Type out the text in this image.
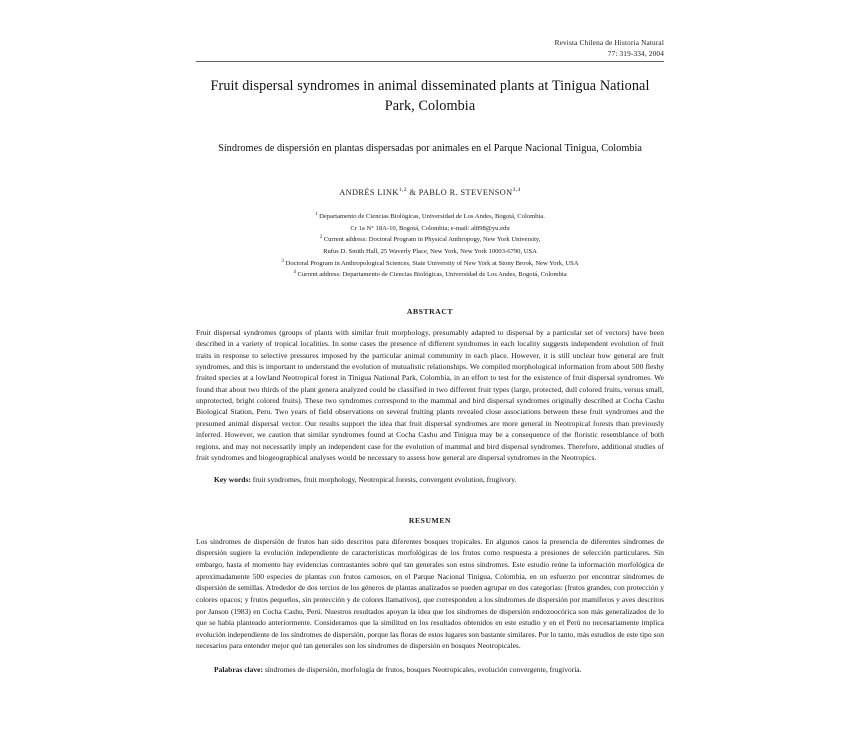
Revista Chilena de Historia Natural
77: 319-334, 2004
Fruit dispersal syndromes in animal disseminated plants at Tinigua National Park, Colombia
Síndromes de dispersión en plantas dispersadas por animales en el Parque Nacional Tinigua, Colombia
ANDRÉS LINK$^{1,2}$ & PABLO R. STEVENSON$^{3,4}$
$^1$ Departamento de Ciencias Biológicas, Universidad de Los Andes, Bogotá, Colombia.
Cr 1a N° 18A-10, Bogotá, Colombia; e-mail: al898@yu.edu
$^2$ Current address: Doctoral Program in Physical Anthropogy, New York University,
Rufus D. Smith Hall, 25 Waverly Place, New York, New York 10003-6790, USA
$^3$ Doctoral Program in Anthropological Sciences, State University of New York at Stony Brook, New York, USA
$^4$ Current address: Departamento de Ciencias Biológicas, Universidad de Los Andes, Bogotá, Colombia
ABSTRACT
Fruit dispersal syndromes (groups of plants with similar fruit morphology, presumably adapted to dispersal by a particular set of vectors) have been described in a variety of tropical localities. In some cases the presence of different syndromes in each locality suggests independent evolution of fruit traits in response to selective pressures imposed by the particular animal community in each place. However, it is still unclear how general are fruit syndromes, and this is important to understand the evolution of mutualistic relationships. We compiled morphological information from about 500 fleshy fruited species at a lowland Neotropical forest in Tinigua National Park, Colombia, in an effort to test for the existence of fruit dispersal syndromes. We found that about two thirds of the plant genera analyzed could be classified in two different fruit types (large, protected, dull colored fruits, versus small, unprotected, bright colored fruits). These two syndromes correspond to the mammal and bird dispersal syndromes originally described at Cocha Cashu Biological Station, Peru. Two years of field observations on several fruiting plants revealed close associations between these fruit syndromes and the presumed animal dispersal vector. Our results support the idea that fruit dispersal syndromes are more general in Neotropical forests than previously inferred. However, we caution that similar syndromes found at Cocha Cashu and Tinigua may be a consequence of the floristic resemblance of both regions, and may not necessarily imply an independent case for the evolution of mammal and bird dispersal syndromes. Therefore, additional studies of fruit syndromes and biogeographical analyses would be necessary to assess how general are dispersal syndromes in the Neotropics.
Key words: fruit syndromes, fruit morphology, Neotropical forests, convergent evolution, frugivory.
RESUMEN
Los síndromes de dispersión de frutos han sido descritos para diferentes bosques tropicales. En algunos casos la presencia de diferentes síndromes de dispersión sugiere la evolución independiente de características morfológicas de los frutos como respuesta a presiones de selección particulares. Sin embargo, hasta el momento hay evidencias contrastantes sobre qué tan generales son estos síndromes. Este estudio reúne la información morfológica de aproximadamente 500 especies de plantas con frutos carnosos, en el Parque Nacional Tinigua, Colombia, en un esfuerzo por encontrar síndromes de dispersión de semillas. Alrededor de dos tercios de los géneros de plantas analizados se pueden agrupar en dos categorías: (frutos grandes, con protección y colores opacos; y frutos pequeños, sin protección y de colores llamativos), que corresponden a los síndromes de dispersión por mamíferos y aves descritos por Janson (1983) en Cocha Cashu, Perú. Nuestros resultados apoyan la idea que los síndromes de dispersión endozoocórica son más generalizados de lo que se había planteado anteriormente. Consideramos que la similitud en los resultados obtenidos en este estudio y en el Perú no necesariamente implica evolución independiente de los síndromes de dispersión, porque las floras de estos lugares son bastante similares. Por lo tanto, más estudios de este tipo son necesarios para entender mejor qué tan generales son los síndromes de dispersión en bosques Neotropicales.
Palabras clave: síndromes de dispersión, morfología de frutos, bosques Neotropicales, evolución convergente, frugivoría.
